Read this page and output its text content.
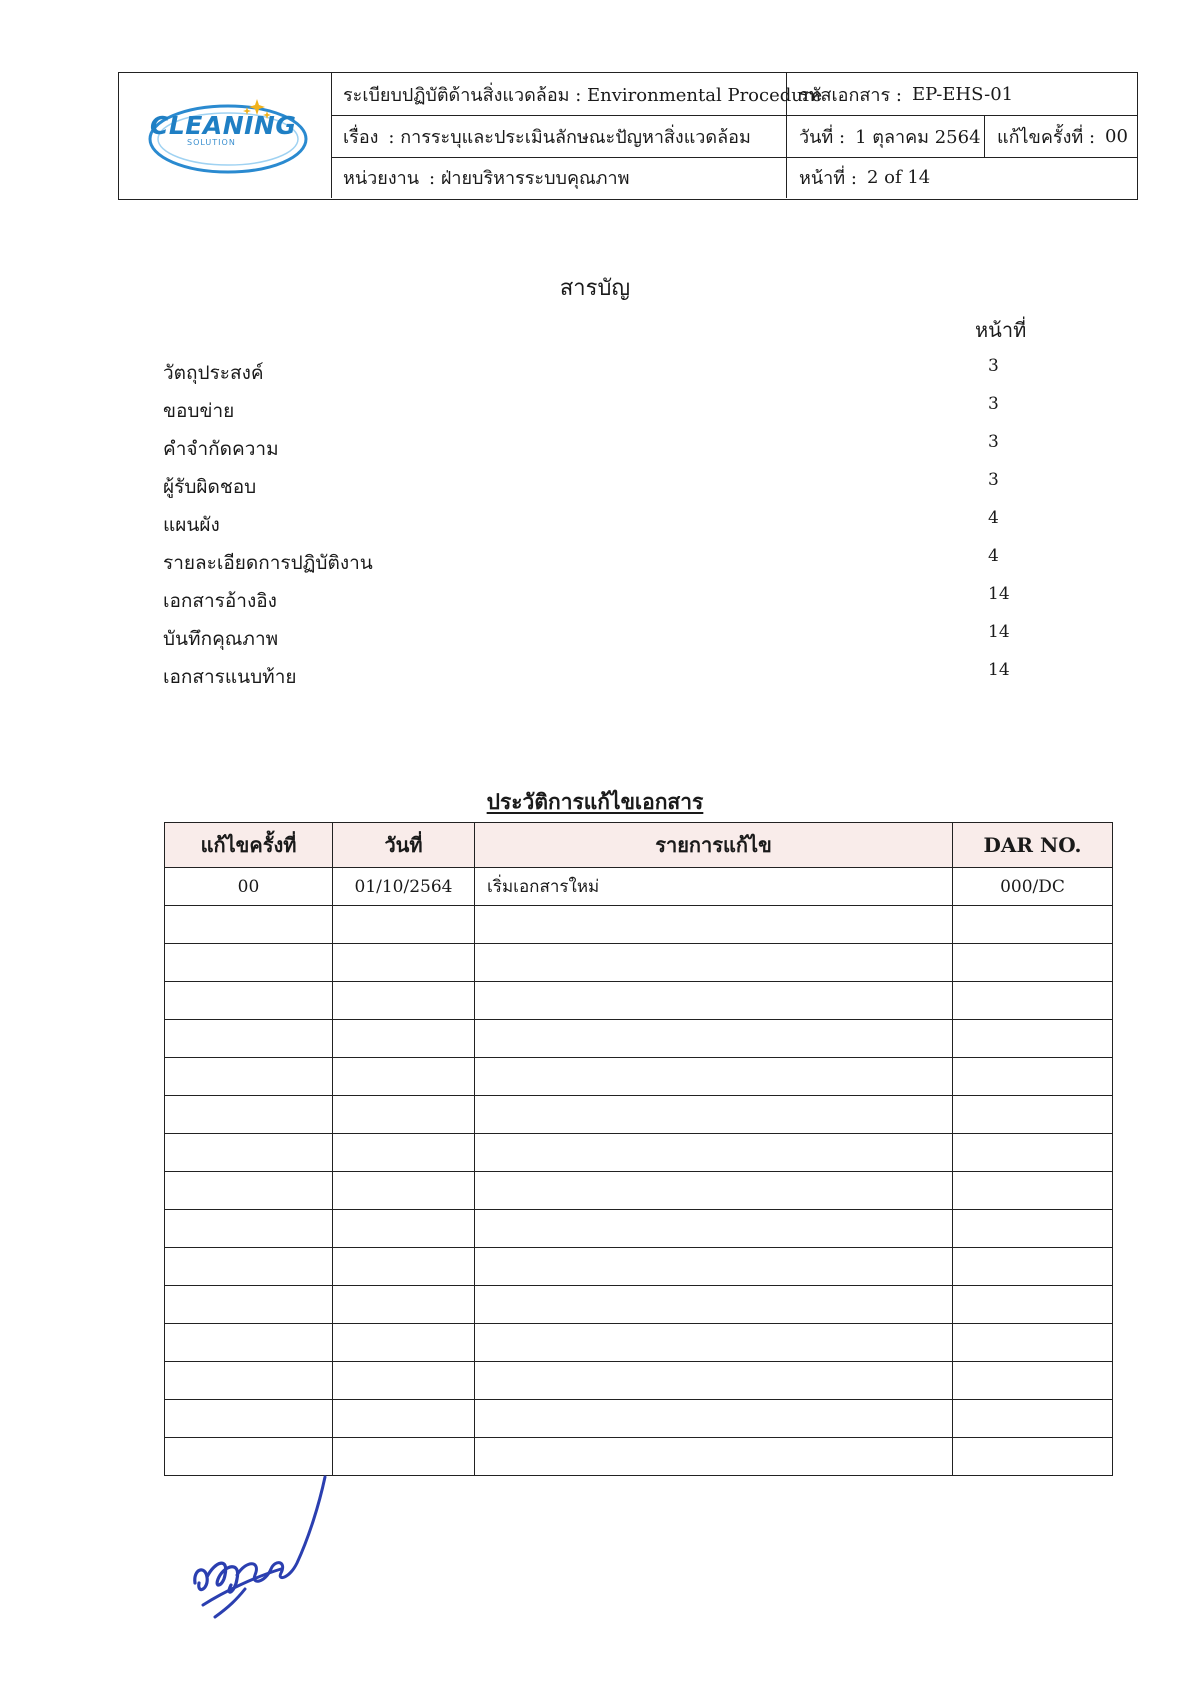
CLEANING
SOLUTION
ระเบียบปฏิบัติด้านสิ่งแวดล้อม : Environmental Procedure
รหัสเอกสาร : EP-EHS-01
เรื่อง : การระบุและประเมินลักษณะปัญหาสิ่งแวดล้อม	วันที่ : 1 ตุลาคม 2564 แก้ไขครั้งที่ : 00
หน่วยงาน : ฝ่ายบริหารระบบคุณภาพ	หน้าที่ : 2 of 14
สารบัญ
หน้าที่
วัตถุประสงค์	3
ขอบข่าย	3
คำจำกัดความ	3
ผู้รับผิดชอบ	3
แผนผัง	4
รายละเอียดการปฏิบัติงาน	4
เอกสารอ้างอิง	14
บันทึกคุณภาพ	14
เอกสารแนบท้าย	14
ประวัติการแก้ไขเอกสาร
แก้ไขครั้งที่	วันที่	รายการแก้ไข	DAR NO.
00	01/10/2564	เริ่มเอกสารใหม่	000/DC
